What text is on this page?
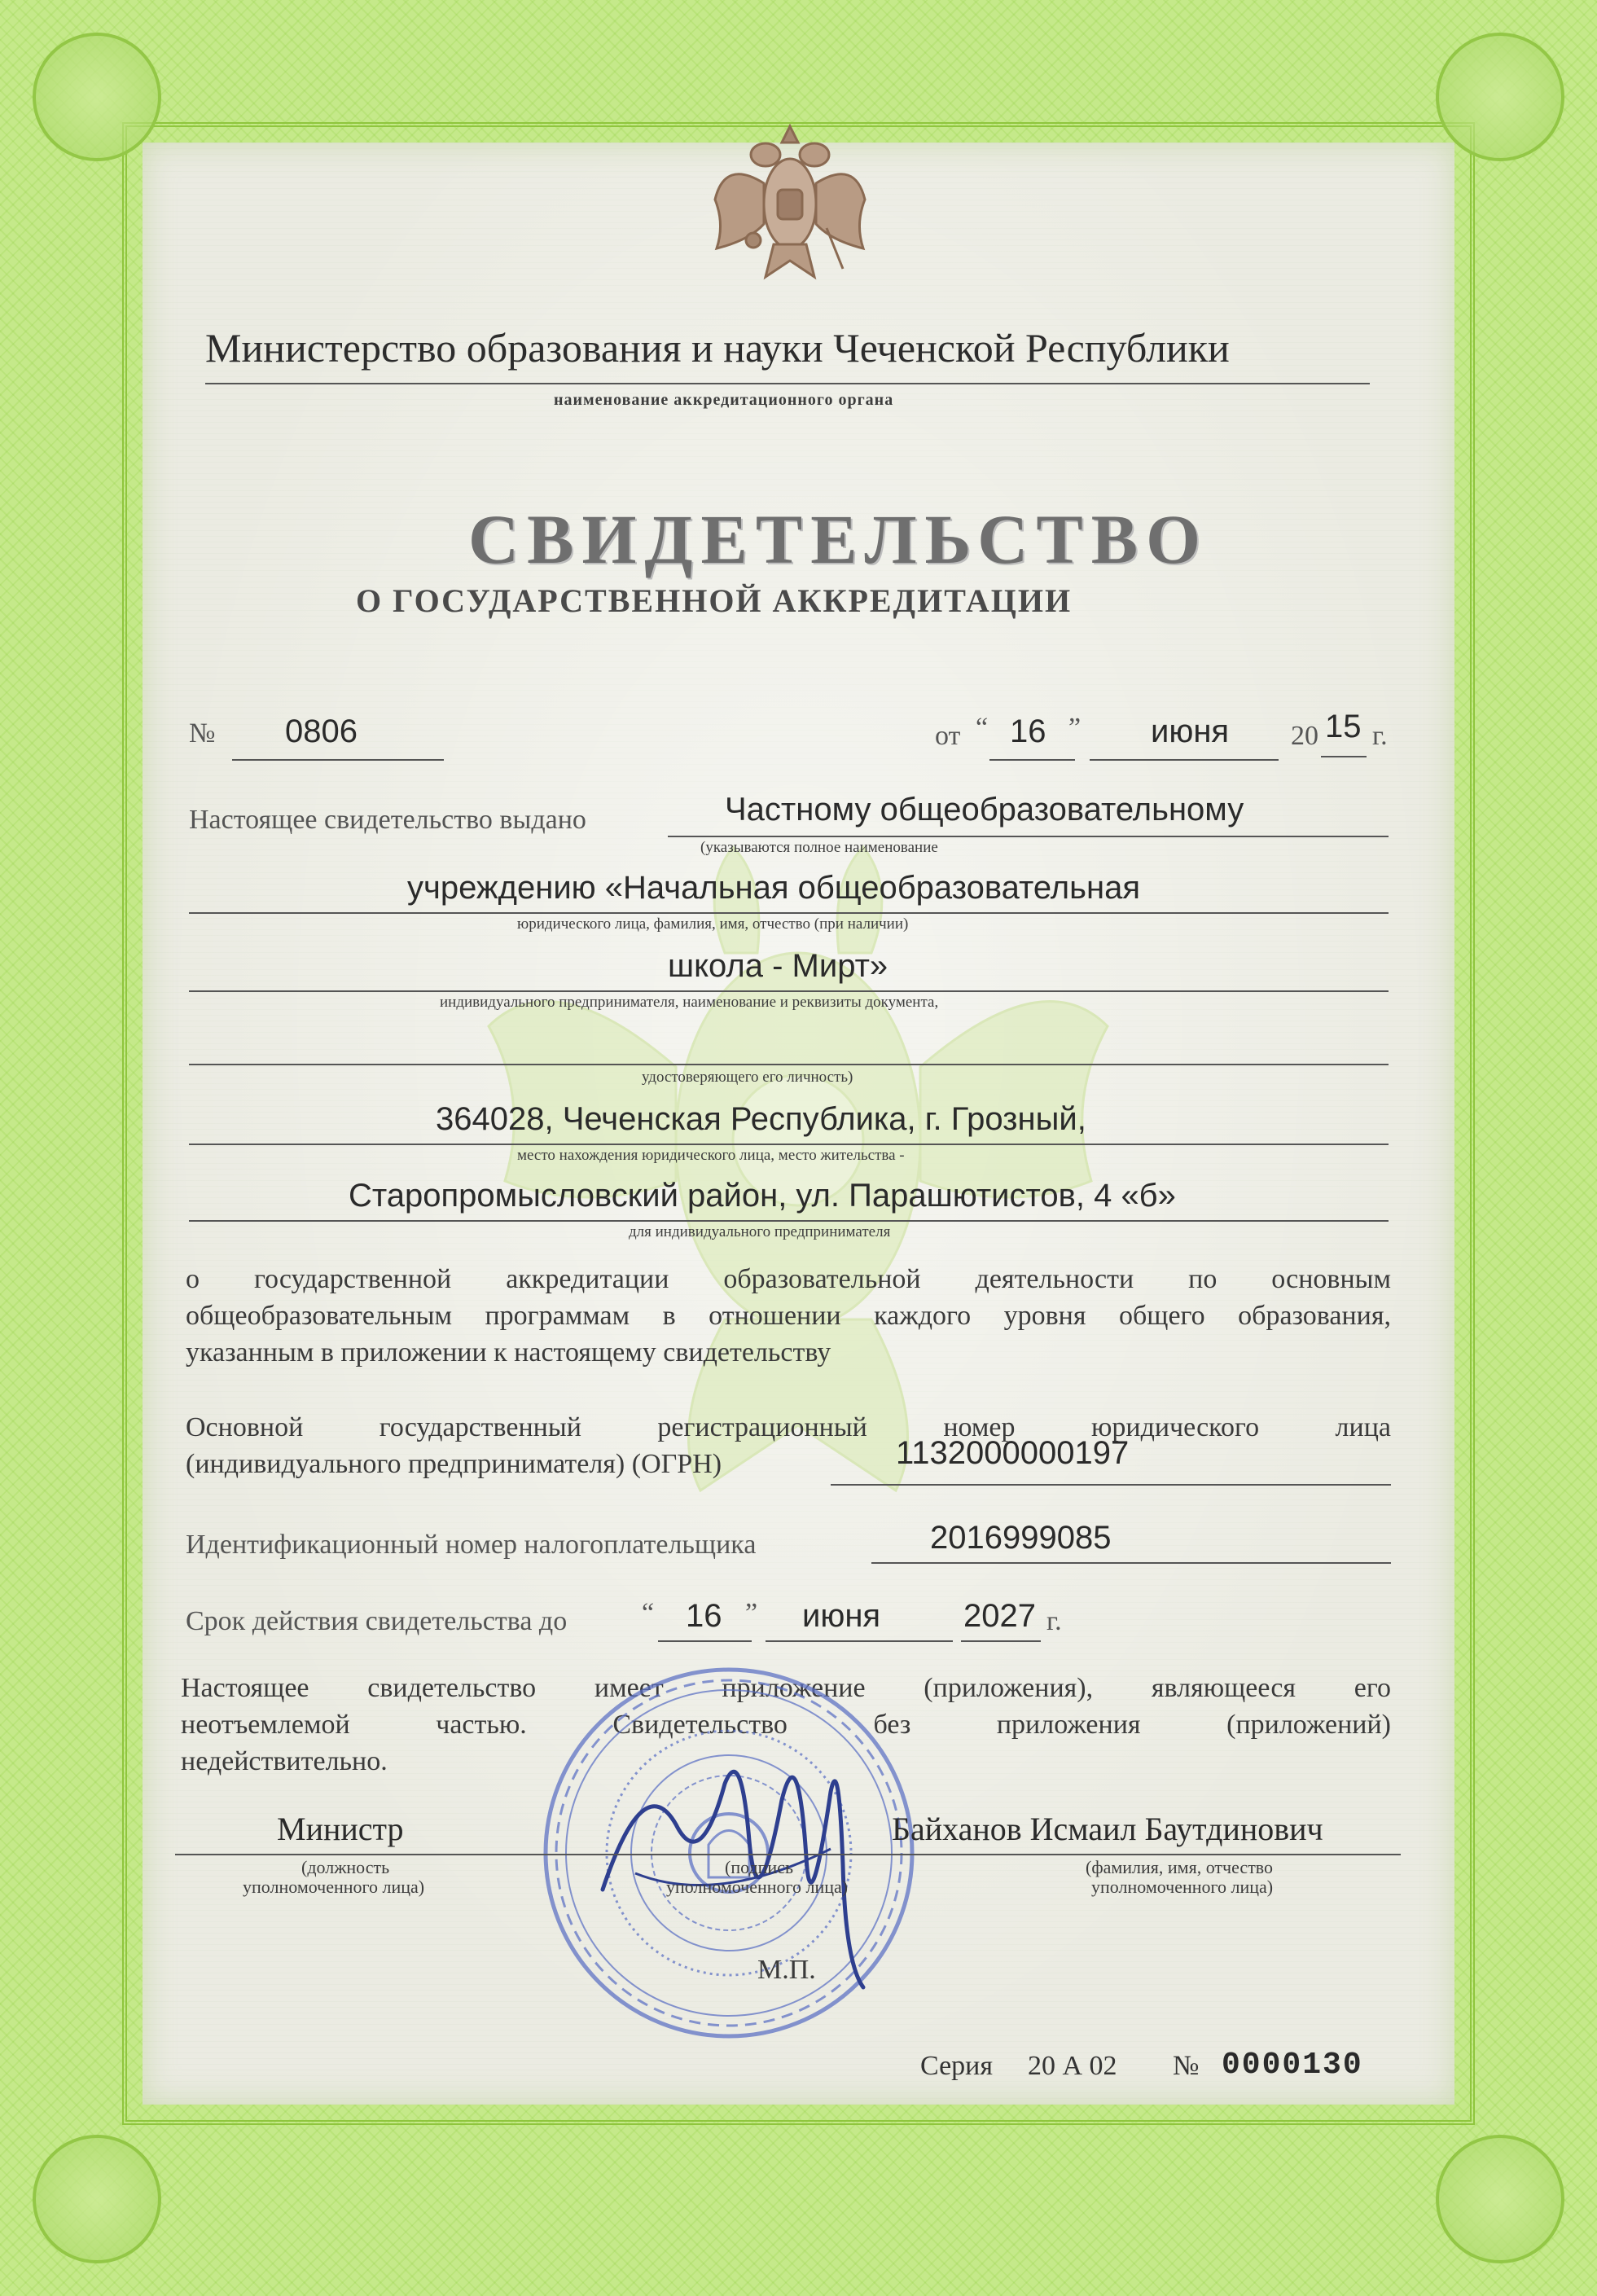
Министерство образования и науки Чеченской Республики
наименование аккредитационного органа
СВИДЕТЕЛЬСТВО
О ГОСУДАРСТВЕННОЙ АККРЕДИТАЦИИ
№ 0806	от “ 16 ” июня 20 15 г.
Настоящее свидетельство выдано	Частному общеобразовательному
(указываются полное наименование
учреждению «Начальная общеобразовательная
юридического лица, фамилия, имя, отчество (при наличии)
школа - Мирт»
индивидуального предпринимателя, наименование и реквизиты документа,
удостоверяющего его личность)
364028, Чеченская Республика, г. Грозный,
место нахождения юридического лица, место жительства -
Старопромысловский район, ул. Парашютистов, 4 «б»
для индивидуального предпринимателя
о государственной аккредитации образовательной деятельности по основным
общеобразовательным программам в отношении каждого уровня общего образования,
указанным в приложении к настоящему свидетельству
Основной государственный регистрационный номер юридического лица
(индивидуального предпринимателя) (ОГРН)	1132000000197
Идентификационный номер налогоплательщика	2016999085
Срок действия свидетельства до	“ 16 ” июня	2027 г.
Настоящее свидетельство имеет приложение (приложения), являющееся его
неотъемлемой частью. Свидетельство без приложения (приложений)
недействительно.
Министр
(должность
уполномоченного лица)
(подпись
уполномоченного лица)
Байханов Исмаил Баутдинович
(фамилия, имя, отчество
уполномоченного лица)
М.П.
Серия 20 А 02 № 0000130
